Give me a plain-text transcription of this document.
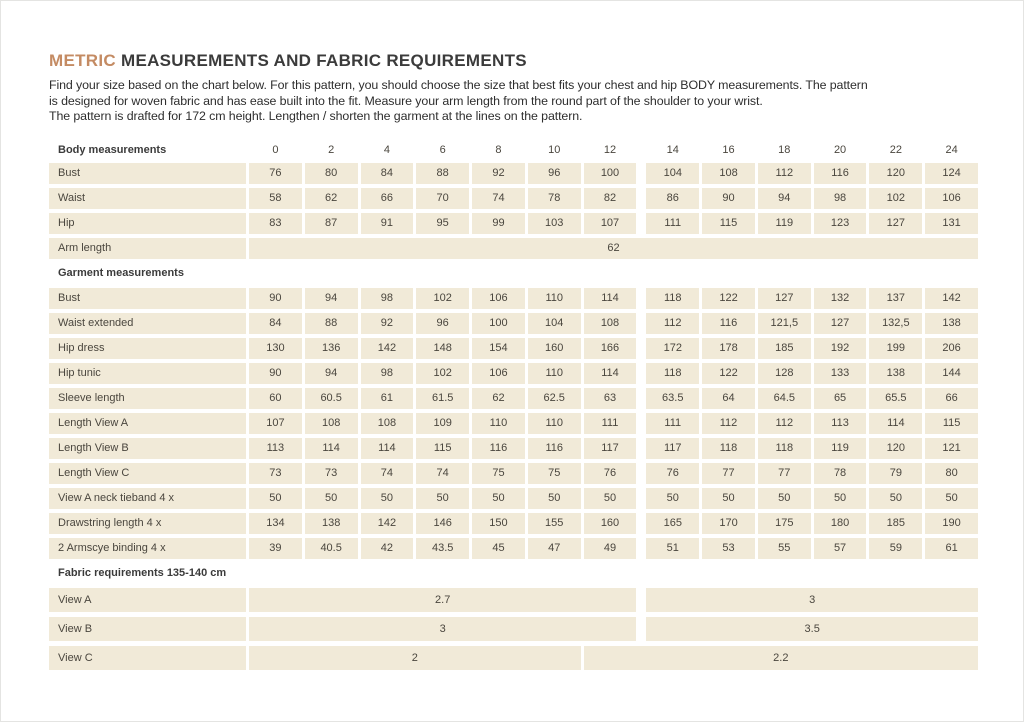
METRIC MEASUREMENTS AND FABRIC REQUIREMENTS
Find your size based on the chart below. For this pattern, you should choose the size that best fits your chest and hip BODY measurements. The pattern
is designed for woven fabric and has ease built into the fit. Measure your arm length from the round part of the shoulder to your wrist.
The pattern is drafted for 172 cm height. Lengthen / shorten the garment at the lines on the pattern.
Body measurements	0	2	4	6	8	10	12	14	16	18	20	22	24
Bust	76	80	84	88	92	96	100	104	108	112	116	120	124
Waist	58	62	66	70	74	78	82	86	90	94	98	102	106
Hip	83	87	91	95	99	103	107	111	115	119	123	127	131
Arm length	62
Garment measurements
Bust	90	94	98	102	106	110	114	118	122	127	132	137	142
Waist extended	84	88	92	96	100	104	108	112	116	121,5	127	132,5	138
Hip dress	130	136	142	148	154	160	166	172	178	185	192	199	206
Hip tunic	90	94	98	102	106	110	114	118	122	128	133	138	144
Sleeve length	60	60.5	61	61.5	62	62.5	63	63.5	64	64.5	65	65.5	66
Length View A	107	108	108	109	110	110	111	111	112	112	113	114	115
Length View B	113	114	114	115	116	116	117	117	118	118	119	120	121
Length View C	73	73	74	74	75	75	76	76	77	77	78	79	80
View A neck tieband 4 x	50	50	50	50	50	50	50	50	50	50	50	50	50
Drawstring length 4 x	134	138	142	146	150	155	160	165	170	175	180	185	190
2 Armscye binding 4 x	39	40.5	42	43.5	45	47	49	51	53	55	57	59	61
Fabric requirements 135-140 cm
View A	2.7	3
View B	3	3.5
View C	2	2.2
